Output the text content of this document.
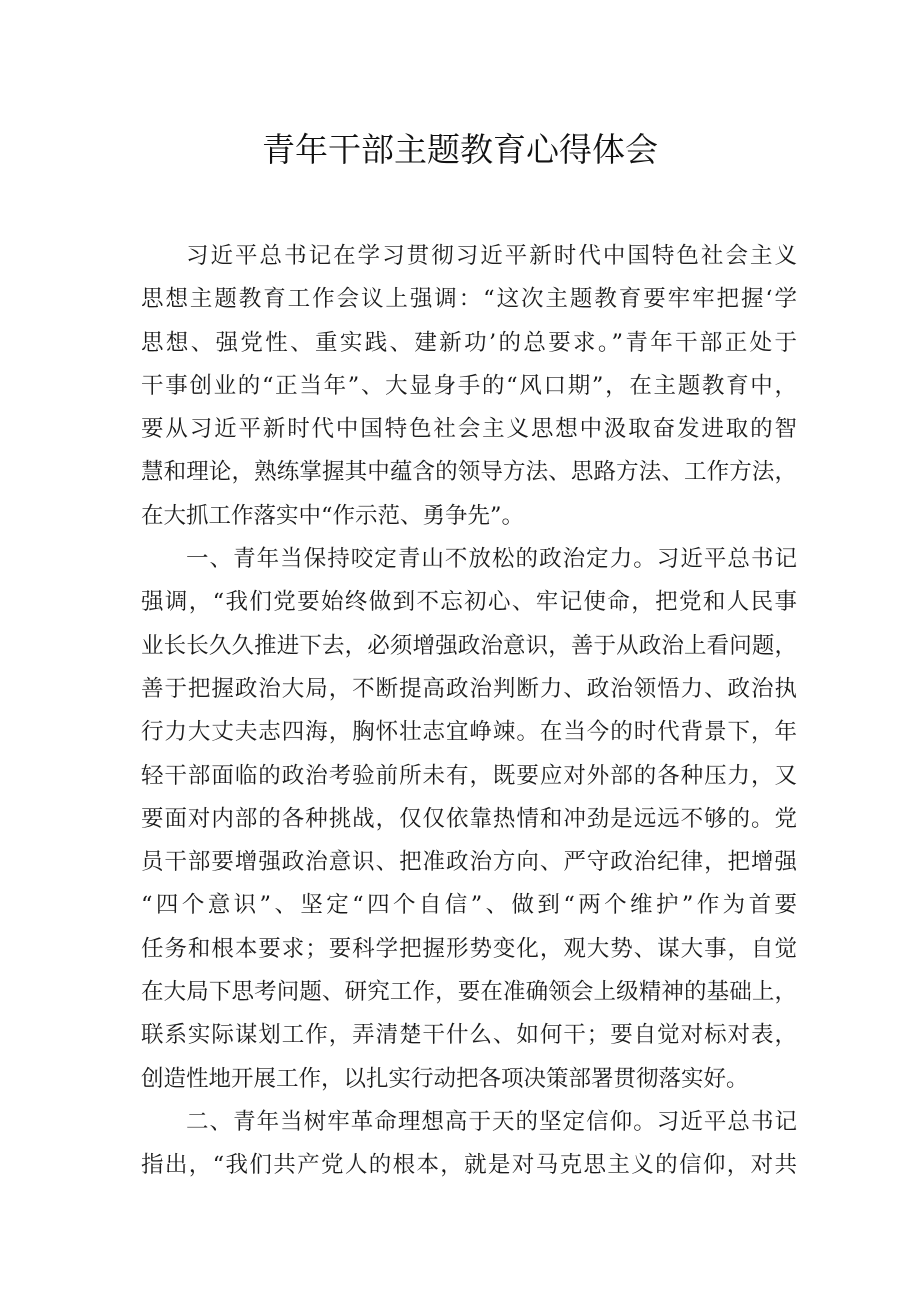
青年干部主题教育心得体会
习近平总书记在学习贯彻习近平新时代中国特色社会主义
思想主题教育工作会议上强调：“这次主题教育要牢牢把握‘学
思想、强党性、重实践、建新功’的总要求。”青年干部正处于
干事创业的“正当年”、大显身手的“风口期”，在主题教育中，
要从习近平新时代中国特色社会主义思想中汲取奋发进取的智
慧和理论，熟练掌握其中蕴含的领导方法、思路方法、工作方法，
在大抓工作落实中“作示范、勇争先”。
一、青年当保持咬定青山不放松的政治定力。习近平总书记
强调，“我们党要始终做到不忘初心、牢记使命，把党和人民事
业长长久久推进下去，必须增强政治意识，善于从政治上看问题，
善于把握政治大局，不断提高政治判断力、政治领悟力、政治执
行力大丈夫志四海，胸怀壮志宜峥竦。在当今的时代背景下，年
轻干部面临的政治考验前所未有，既要应对外部的各种压力，又
要面对内部的各种挑战，仅仅依靠热情和冲劲是远远不够的。党
员干部要增强政治意识、把准政治方向、严守政治纪律，把增强
“四个意识”、坚定“四个自信”、做到“两个维护”作为首要
任务和根本要求；要科学把握形势变化，观大势、谋大事，自觉
在大局下思考问题、研究工作，要在准确领会上级精神的基础上，
联系实际谋划工作，弄清楚干什么、如何干；要自觉对标对表，
创造性地开展工作，以扎实行动把各项决策部署贯彻落实好。
二、青年当树牢革命理想高于天的坚定信仰。习近平总书记
指出，“我们共产党人的根本，就是对马克思主义的信仰，对共
